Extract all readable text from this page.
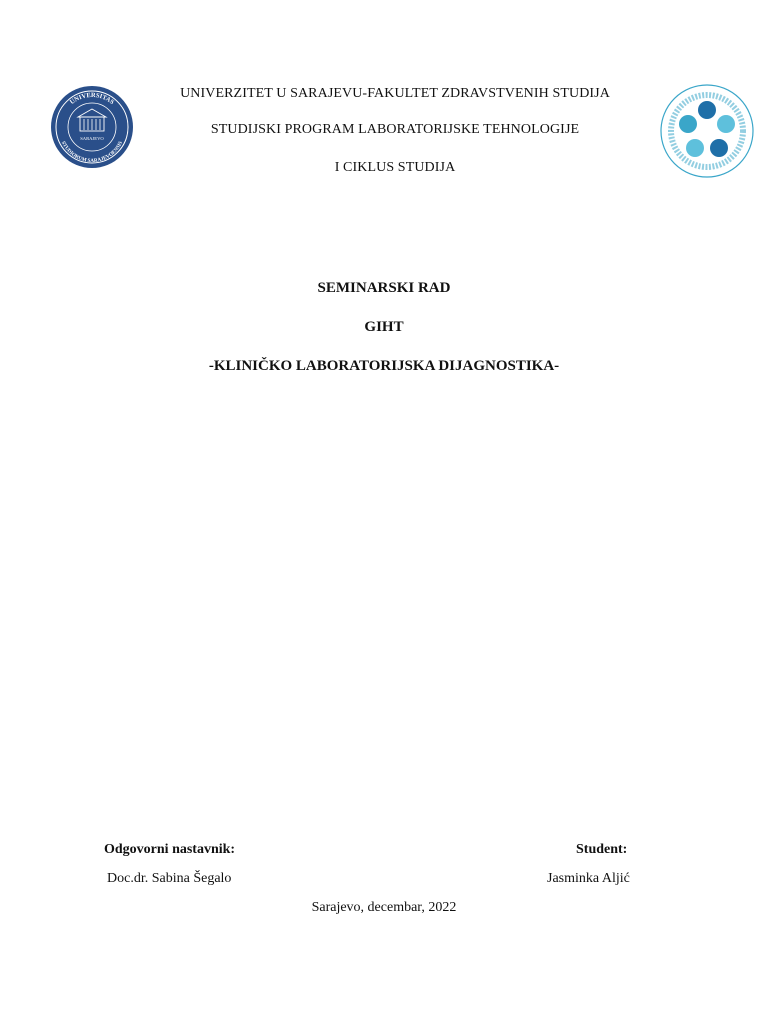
UNIVERSITAS
STUDIORUM SARAJEVOENSIS
SARAJEVO
UNIVERZITET U SARAJEVU-FAKULTET ZDRAVSTVENIH STUDIJA
STUDIJSKI PROGRAM LABORATORIJSKE TEHNOLOGIJE
I CIKLUS STUDIJA
SEMINARSKI RAD
GIHT
-KLINIČKO LABORATORIJSKA DIJAGNOSTIKA-
Odgovorni nastavnik:	Student:
Doc.dr. Sabina Šegalo	Jasminka Aljić
Sarajevo, decembar, 2022
